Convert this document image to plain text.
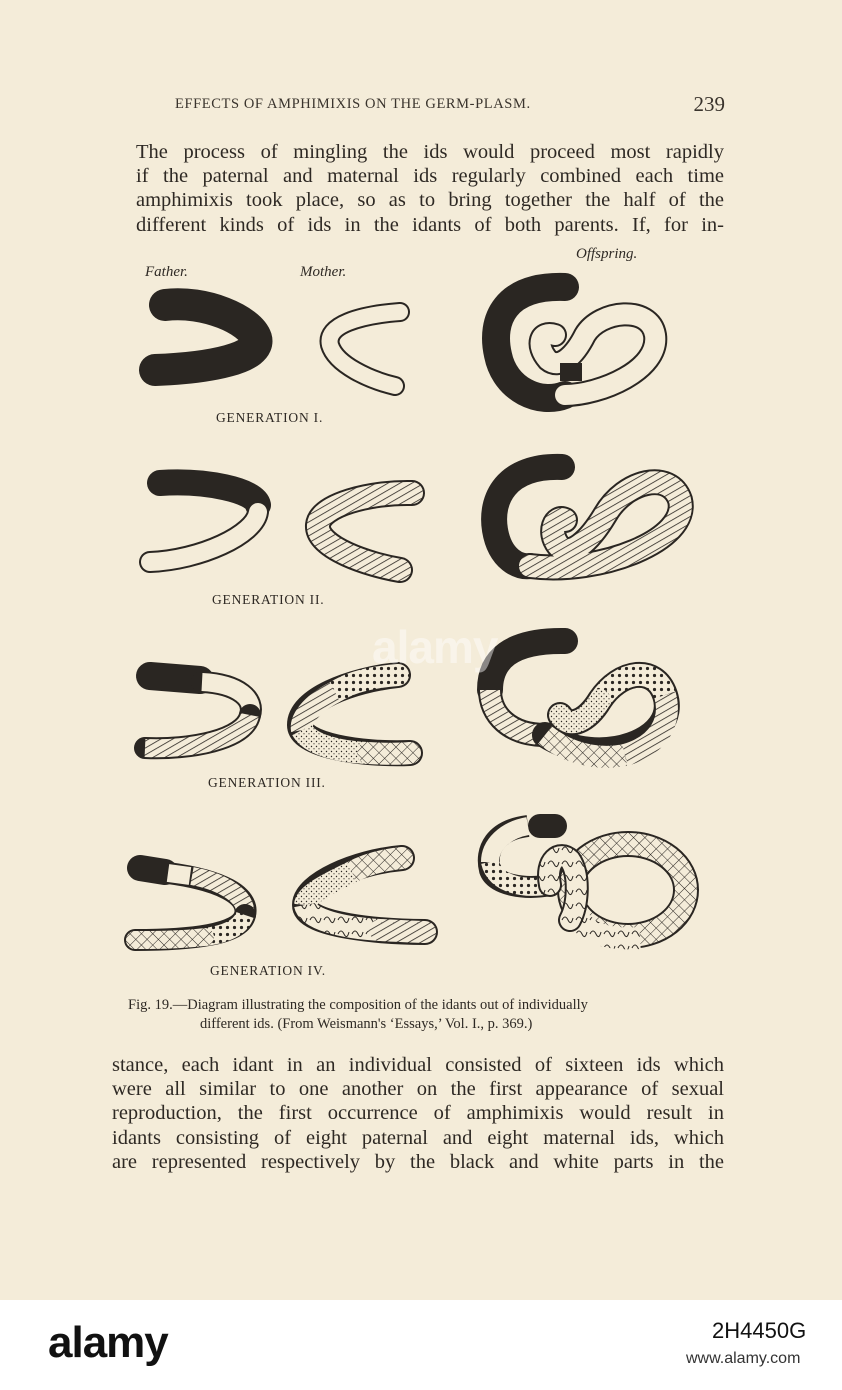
EFFECTS OF AMPHIMIXIS ON THE GERM-PLASM.	239
The process of mingling the ids would proceed most rapidly
if the paternal and maternal ids regularly combined each time
amphimixis took place, so as to bring together the half of the
different kinds of ids in the idants of both parents. If, for in-
Father.	Mother.
Offspring.
GENERATION I.
GENERATION II.
GENERATION III.
GENERATION IV.
Fig. 19.—Diagram illustrating the composition of the idants out of individually
different ids. (From Weismann's ‘Essays,’ Vol. I., p. 369.)
stance, each idant in an individual consisted of sixteen ids which
were all similar to one another on the first appearance of sexual
reproduction, the first occurrence of amphimixis would result in
idants consisting of eight paternal and eight maternal ids, which
are represented respectively by the black and white parts in the
alamy
alamy	2H4450G
www.alamy.com
